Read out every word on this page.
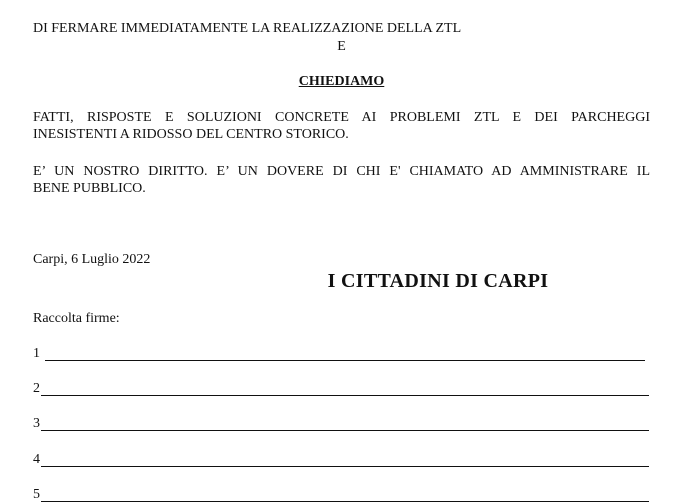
DI FERMARE IMMEDIATAMENTE LA REALIZZAZIONE DELLA ZTL
E
CHIEDIAMO
FATTI, RISPOSTE E SOLUZIONI CONCRETE AI PROBLEMI ZTL E DEI PARCHEGGI
INESISTENTI A RIDOSSO DEL CENTRO STORICO.
E’ UN NOSTRO DIRITTO. E’ UN DOVERE DI CHI E' CHIAMATO AD AMMINISTRARE IL
BENE PUBBLICO.
Carpi, 6 Luglio 2022
I CITTADINI DI CARPI
Raccolta firme:
1
2
3
4
5
